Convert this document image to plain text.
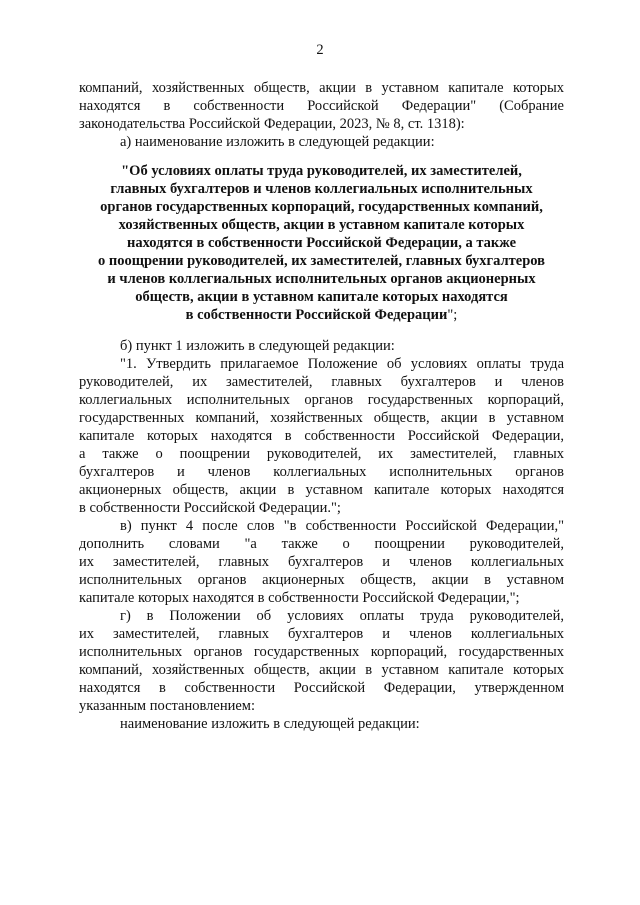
2

компаний, хозяйственных обществ, акции в уставном капитале которых

находятся в собственности Российской Федерации" (Собрание

законодательства Российской Федерации, 2023, № 8, ст. 1318):

а) наименование изложить в следующей редакции:

"Об условиях оплаты труда руководителей, их заместителей,
главных бухгалтеров и членов коллегиальных исполнительных
органов государственных корпораций, государственных компаний,
хозяйственных обществ, акции в уставном капитале которых
находятся в собственности Российской Федерации, а также
о поощрении руководителей, их заместителей, главных бухгалтеров
и членов коллегиальных исполнительных органов акционерных
обществ, акции в уставном капитале которых находятся
в собственности Российской Федерации";

б) пункт 1 изложить в следующей редакции:

"1. Утвердить прилагаемое Положение об условиях оплаты труда

руководителей, их заместителей, главных бухгалтеров и членов

коллегиальных исполнительных органов государственных корпораций,

государственных компаний, хозяйственных обществ, акции в уставном

капитале которых находятся в собственности Российской Федерации,

а также о поощрении руководителей, их заместителей, главных

бухгалтеров и членов коллегиальных исполнительных органов

акционерных обществ, акции в уставном капитале которых находятся

в собственности Российской Федерации.";

в) пункт 4 после слов "в собственности Российской Федерации,"

дополнить словами "а также о поощрении руководителей,

их заместителей, главных бухгалтеров и членов коллегиальных

исполнительных органов акционерных обществ, акции в уставном

капитале которых находятся в собственности Российской Федерации,";

г) в Положении об условиях оплаты труда руководителей,

их заместителей, главных бухгалтеров и членов коллегиальных

исполнительных органов государственных корпораций, государственных

компаний, хозяйственных обществ, акции в уставном капитале которых

находятся в собственности Российской Федерации, утвержденном

указанным постановлением:

наименование изложить в следующей редакции:
